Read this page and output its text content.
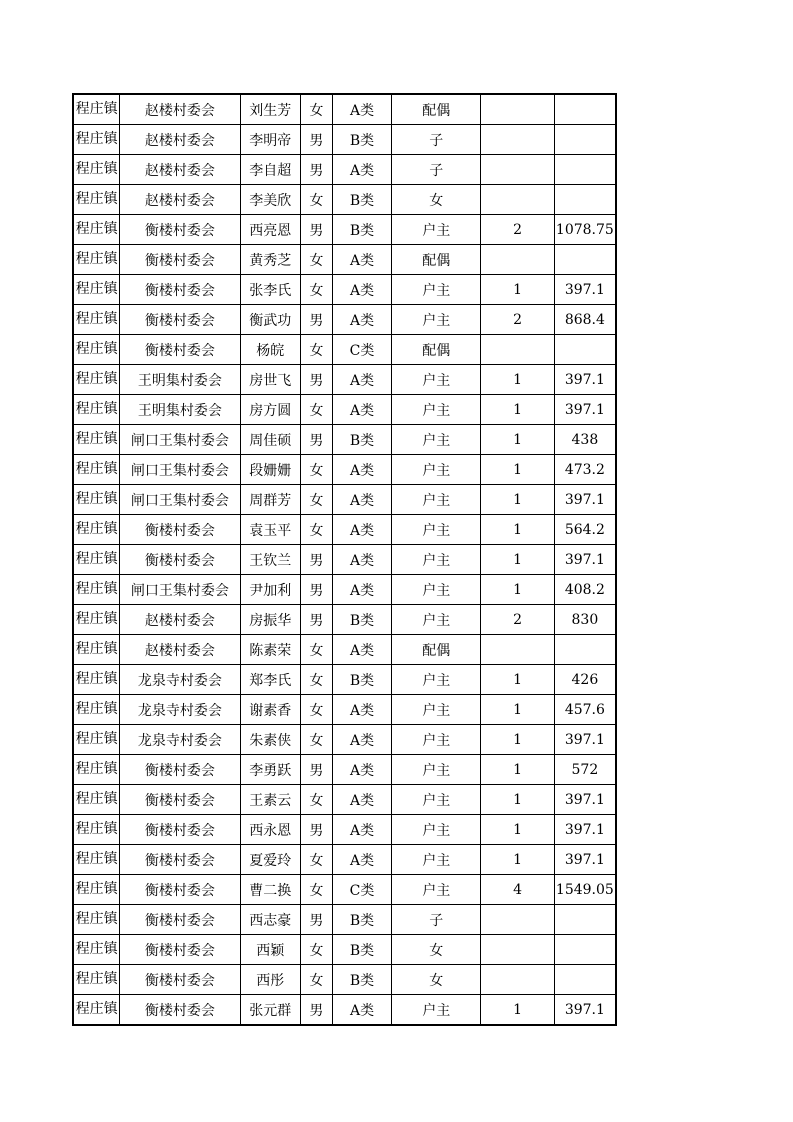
程庄镇	赵楼村委会	刘生芳	女	A类	配偶		
程庄镇	赵楼村委会	李明帝	男	B类	子		
程庄镇	赵楼村委会	李自超	男	A类	子		
程庄镇	赵楼村委会	李美欣	女	B类	女		
程庄镇	衡楼村委会	西亮恩	男	B类	户主	2	1078.75
程庄镇	衡楼村委会	黄秀芝	女	A类	配偶		
程庄镇	衡楼村委会	张李氏	女	A类	户主	1	397.1
程庄镇	衡楼村委会	衡武功	男	A类	户主	2	868.4
程庄镇	衡楼村委会	杨皖	女	C类	配偶		
程庄镇	王明集村委会	房世飞	男	A类	户主	1	397.1
程庄镇	王明集村委会	房方圆	女	A类	户主	1	397.1
程庄镇	闸口王集村委会	周佳硕	男	B类	户主	1	438
程庄镇	闸口王集村委会	段姗姗	女	A类	户主	1	473.2
程庄镇	闸口王集村委会	周群芳	女	A类	户主	1	397.1
程庄镇	衡楼村委会	袁玉平	女	A类	户主	1	564.2
程庄镇	衡楼村委会	王钦兰	男	A类	户主	1	397.1
程庄镇	闸口王集村委会	尹加利	男	A类	户主	1	408.2
程庄镇	赵楼村委会	房振华	男	B类	户主	2	830
程庄镇	赵楼村委会	陈素荣	女	A类	配偶		
程庄镇	龙泉寺村委会	郑李氏	女	B类	户主	1	426
程庄镇	龙泉寺村委会	谢素香	女	A类	户主	1	457.6
程庄镇	龙泉寺村委会	朱素侠	女	A类	户主	1	397.1
程庄镇	衡楼村委会	李勇跃	男	A类	户主	1	572
程庄镇	衡楼村委会	王素云	女	A类	户主	1	397.1
程庄镇	衡楼村委会	西永恩	男	A类	户主	1	397.1
程庄镇	衡楼村委会	夏爱玲	女	A类	户主	1	397.1
程庄镇	衡楼村委会	曹二换	女	C类	户主	4	1549.05
程庄镇	衡楼村委会	西志豪	男	B类	子		
程庄镇	衡楼村委会	西颖	女	B类	女		
程庄镇	衡楼村委会	西彤	女	B类	女		
程庄镇	衡楼村委会	张元群	男	A类	户主	1	397.1
